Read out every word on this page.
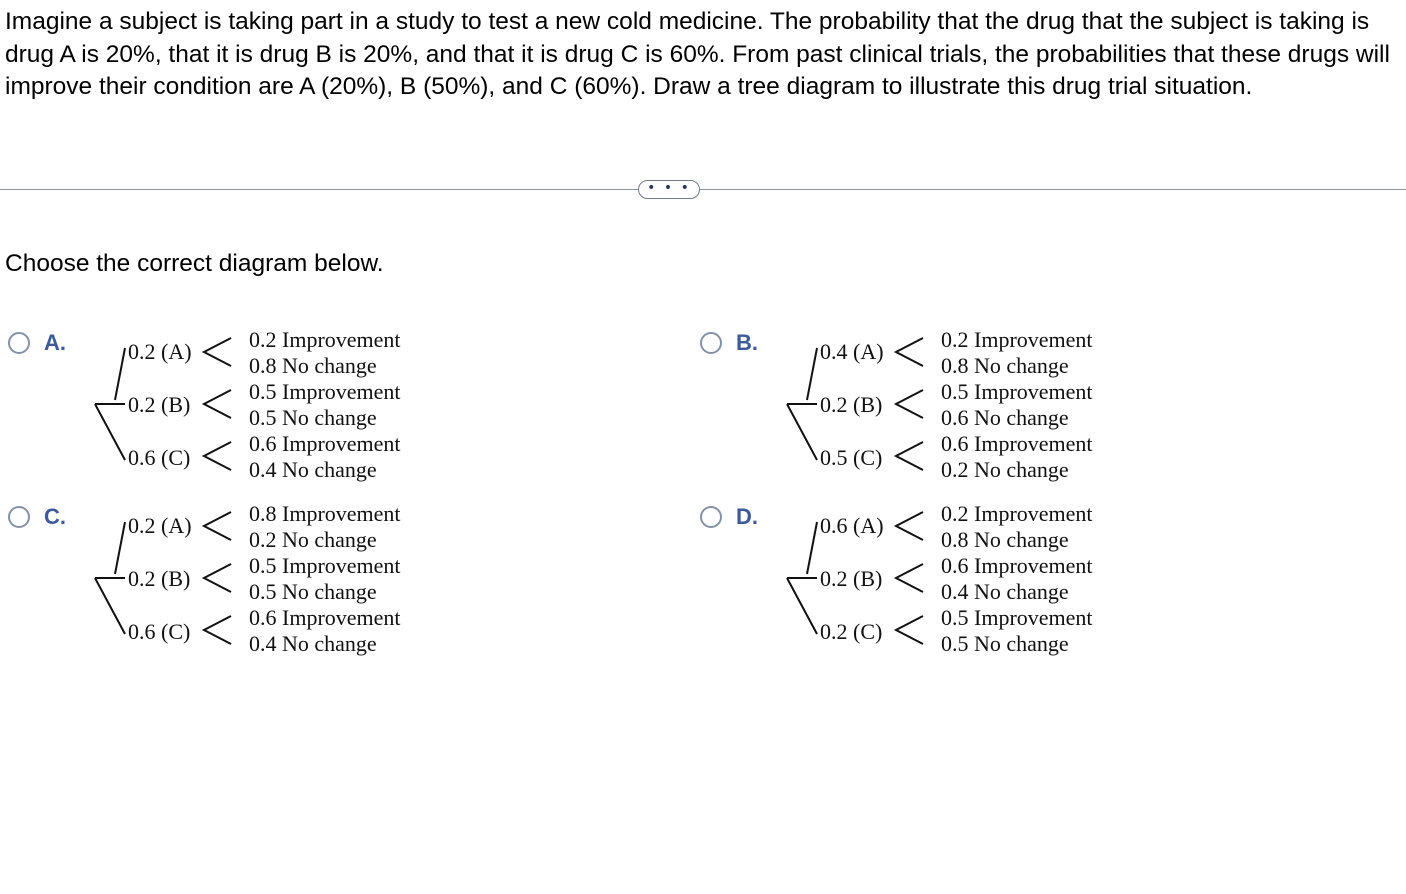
Imagine a subject is taking part in a study to test a new cold medicine. The probability that the drug that the subject is taking is drug A is 20%, that it is drug B is 20%, and that it is drug C is 60%. From past clinical trials, the probabilities that these drugs will improve their condition are A (20%), B (50%), and C (60%). Draw a tree diagram to illustrate this drug trial situation.

• • •

Choose the correct diagram below.

A.	0.2 (A)
0.2 (B)
0.6 (C)
0.2 Improvement
0.8 No change
0.5 Improvement
0.5 No change
0.6 Improvement
0.4 No change
B.	0.4 (A)
0.2 (B)
0.5 (C)
0.2 Improvement
0.8 No change
0.5 Improvement
0.6 No change
0.6 Improvement
0.2 No change
C.	0.2 (A)
0.2 (B)
0.6 (C)
0.8 Improvement
0.2 No change
0.5 Improvement
0.5 No change
0.6 Improvement
0.4 No change
D.	0.6 (A)
0.2 (B)
0.2 (C)
0.2 Improvement
0.8 No change
0.6 Improvement
0.4 No change
0.5 Improvement
0.5 No change
